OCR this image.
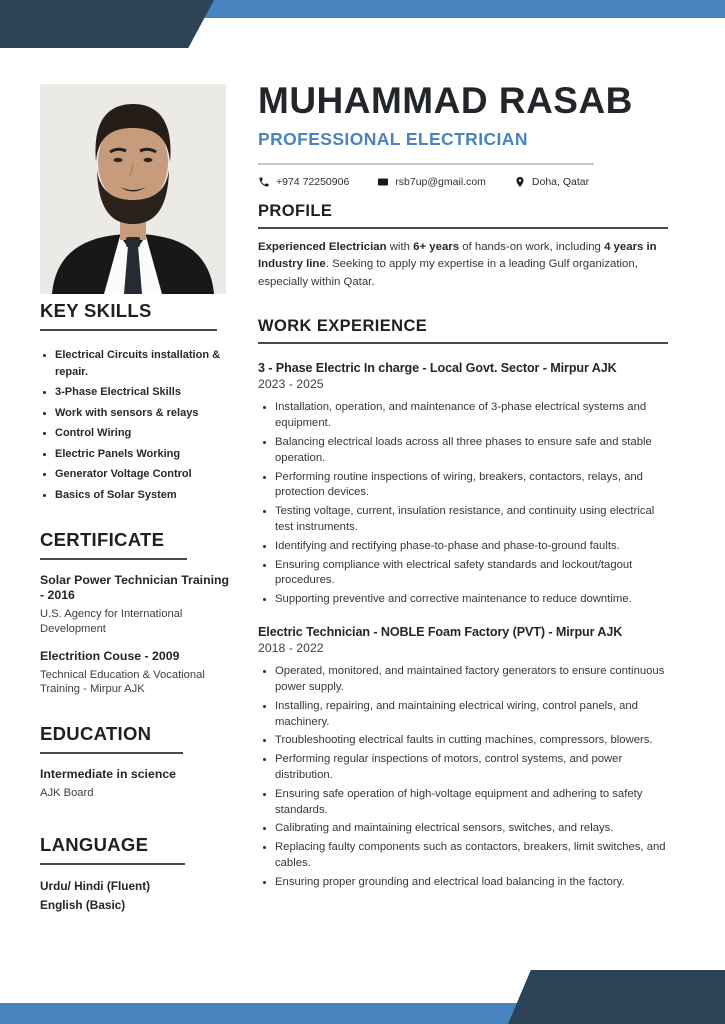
MUHAMMAD RASAB
PROFESSIONAL ELECTRICIAN
+974 72250906	rsb7up@gmail.com	Doha, Qatar
KEY SKILLS
• Electrical Circuits installation & repair.
• 3-Phase Electrical Skills
• Work with sensors & relays
• Control Wiring
• Electric Panels Working
• Generator Voltage Control
• Basics of Solar System
CERTIFICATE
Solar Power Technician Training - 2016
U.S. Agency for International Development
Electrition Couse - 2009
Technical Education & Vocational Training - Mirpur AJK
EDUCATION
Intermediate in science
AJK Board
LANGUAGE
Urdu/ Hindi (Fluent)
English (Basic)
PROFILE
Experienced Electrician with 6+ years of hands-on work, including 4 years in Industry line. Seeking to apply my expertise in a leading Gulf organization, especially within Qatar.
WORK EXPERIENCE
3 - Phase Electric In charge - Local Govt. Sector - Mirpur AJK
2023 - 2025
• Installation, operation, and maintenance of 3-phase electrical systems and equipment.
• Balancing electrical loads across all three phases to ensure safe and stable operation.
• Performing routine inspections of wiring, breakers, contactors, relays, and protection devices.
• Testing voltage, current, insulation resistance, and continuity using electrical test instruments.
• Identifying and rectifying phase-to-phase and phase-to-ground faults.
• Ensuring compliance with electrical safety standards and lockout/tagout procedures.
• Supporting preventive and corrective maintenance to reduce downtime.
Electric Technician - NOBLE Foam Factory (PVT) - Mirpur AJK
2018 - 2022
• Operated, monitored, and maintained factory generators to ensure continuous power supply.
• Installing, repairing, and maintaining electrical wiring, control panels, and machinery.
• Troubleshooting electrical faults in cutting machines, compressors, blowers.
• Performing regular inspections of motors, control systems, and power distribution.
• Ensuring safe operation of high-voltage equipment and adhering to safety standards.
• Calibrating and maintaining electrical sensors, switches, and relays.
• Replacing faulty components such as contactors, breakers, limit switches, and cables.
• Ensuring proper grounding and electrical load balancing in the factory.
